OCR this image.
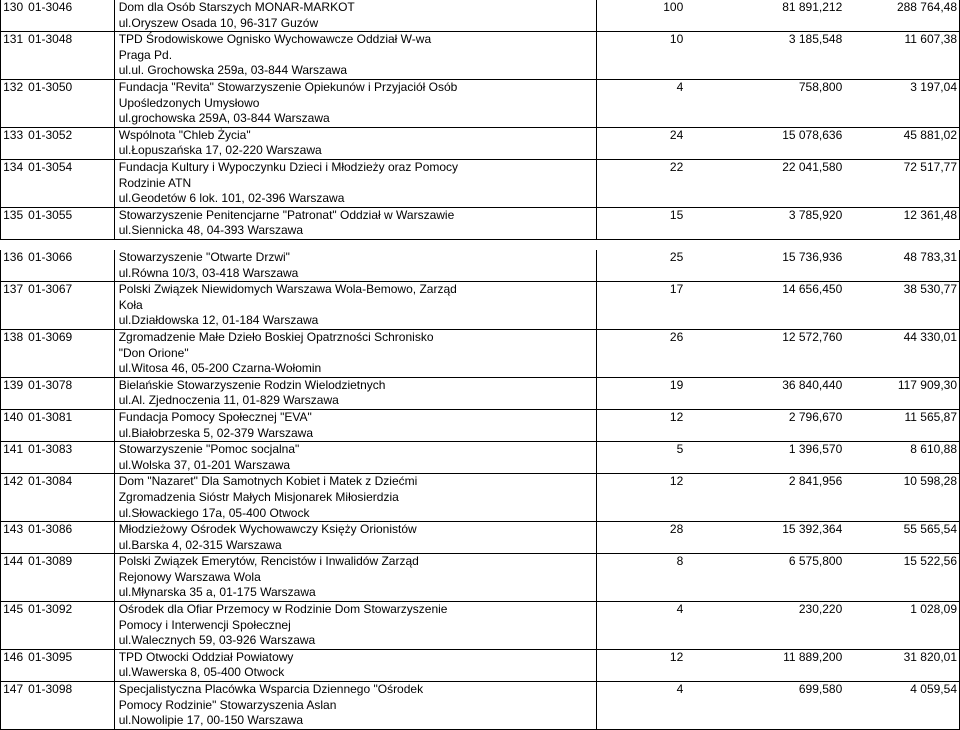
130	01-3046	Dom dla Osób Starszych MONAR-MARKOT
ul.Oryszew Osada 10, 96-317 Guzów	100	81 891,212	288 764,48
131	01-3048	TPD Środowiskowe Ognisko Wychowawcze Oddział W-wa
Praga Pd.
ul.ul. Grochowska 259a, 03-844 Warszawa	10	3 185,548	11 607,38
132	01-3050	Fundacja "Revita" Stowarzyszenie Opiekunów i Przyjaciół Osób
Upośledzonych Umysłowo
ul.grochowska 259A, 03-844 Warszawa	4	758,800	3 197,04
133	01-3052	Wspólnota "Chleb Życia"
ul.Łopuszańska 17, 02-220 Warszawa	24	15 078,636	45 881,02
134	01-3054	Fundacja Kultury i Wypoczynku Dzieci i Młodzieży oraz Pomocy
Rodzinie ATN
ul.Geodetów 6 lok. 101, 02-396 Warszawa	22	22 041,580	72 517,77
135	01-3055	Stowarzyszenie Penitencjarne "Patronat" Oddział w Warszawie
ul.Siennicka 48, 04-393 Warszawa	15	3 785,920	12 361,48
136	01-3066	Stowarzyszenie "Otwarte Drzwi"
ul.Równa 10/3, 03-418 Warszawa	25	15 736,936	48 783,31
137	01-3067	Polski Związek Niewidomych Warszawa Wola-Bemowo, Zarząd
Koła
ul.Działdowska 12, 01-184 Warszawa	17	14 656,450	38 530,77
138	01-3069	Zgromadzenie Małe Dzieło Boskiej Opatrzności Schronisko
"Don Orione"
ul.Witosa 46, 05-200 Czarna-Wołomin	26	12 572,760	44 330,01
139	01-3078	Bielańskie Stowarzyszenie Rodzin Wielodzietnych
ul.Al. Zjednoczenia 11, 01-829 Warszawa	19	36 840,440	117 909,30
140	01-3081	Fundacja Pomocy Społecznej "EVA"
ul.Białobrzeska 5, 02-379 Warszawa	12	2 796,670	11 565,87
141	01-3083	Stowarzyszenie "Pomoc socjalna"
ul.Wolska 37, 01-201 Warszawa	5	1 396,570	8 610,88
142	01-3084	Dom "Nazaret" Dla Samotnych Kobiet i Matek z Dziećmi
Zgromadzenia Sióstr Małych Misjonarek Miłosierdzia
ul.Słowackiego 17a, 05-400 Otwock	12	2 841,956	10 598,28
143	01-3086	Młodzieżowy Ośrodek Wychowawczy Księży Orionistów
ul.Barska 4, 02-315 Warszawa	28	15 392,364	55 565,54
144	01-3089	Polski Związek Emerytów, Rencistów i Inwalidów Zarząd
Rejonowy Warszawa Wola
ul.Młynarska 35 a, 01-175 Warszawa	8	6 575,800	15 522,56
145	01-3092	Ośrodek dla Ofiar Przemocy w Rodzinie Dom Stowarzyszenie
Pomocy i Interwencji Społecznej
ul.Walecznych 59, 03-926 Warszawa	4	230,220	1 028,09
146	01-3095	TPD Otwocki Oddział Powiatowy
ul.Wawerska 8, 05-400 Otwock	12	11 889,200	31 820,01
147	01-3098	Specjalistyczna Placówka Wsparcia Dziennego "Ośrodek
Pomocy Rodzinie" Stowarzyszenia Aslan
ul.Nowolipie 17, 00-150 Warszawa	4	699,580	4 059,54
